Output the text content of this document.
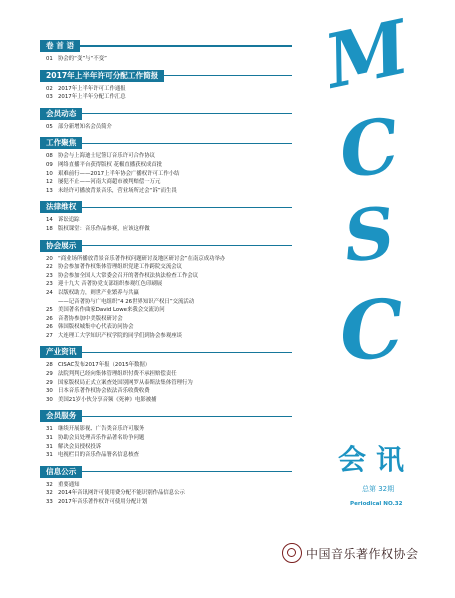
卷 首 语
01 协会的“变”与“不变”
2017年上半年许可分配工作简报
02 2017年上半年许可工作通报
03 2017年上半年分配工作汇总
会员动态
05 部分新增知名会员简介
工作聚焦
08 协会与上海迪士尼签订音乐许可合作协议
09 网络直播平台获得版权 花椒直播获权成首批
10 艰难前行——2017上半年协会广播权许可工作小结
12 屡犯不止——河南大商超市被判赔偿一万元
13 未经许可播放背景音乐，营业场所过会“诉”而生畏
法律维权
14 诉讼追踪
18 版权课堂：音乐作品参赛，应该这样做
协会展示
20 “商业场所播放背景音乐著作权问题研讨及地区研讨会”在南京成功举办
22 协会参加著作权集体管理组织党建工作跨院交流会议
23 协会参加全国人大常委会召开的著作权法执法检查工作会议
23 迎十九大 音著协党支部组织参观红色印刷展
24 以版权助力，则世产业繁养与共赢
——记音著协与广电组织“4 26世界知识产权日”交流活动
25 美国著名作曲家David Lowe来我会交流访问
26 音著协参加中美版权研讨会
26 韩国版权城集中心代表访问协会
27 大连理工大学知识产权学院的同学们到协会参观座谈
产业资讯
28 CISAC发布2017年报（2015年数据）
29 法院判判已经向集体管理组织付费不承担赔偿责任
29 国家版权局正式立案查处国别网罗从泰斯法集体管理行为
30 日本音乐著作权协会依法音乐收费收费
30 美国21岁小伙分享音频《死神》电影被捕
会员服务
31 继续开展影视、广告类音乐许可服务
31 协助会员处理音乐作品著名纷争问题
31 解决会员授权投诉
31 电视栏目的音乐作品署名信息核查
信息公示
32 重要通知
32 2014年音讯网许可使用费分配不能识别作品信息公示
33 2017年音乐著作权许可使用分配计划
M
C
S
C
会讯
总第 32期
Periodical NO.32
中国音乐著作权协会
